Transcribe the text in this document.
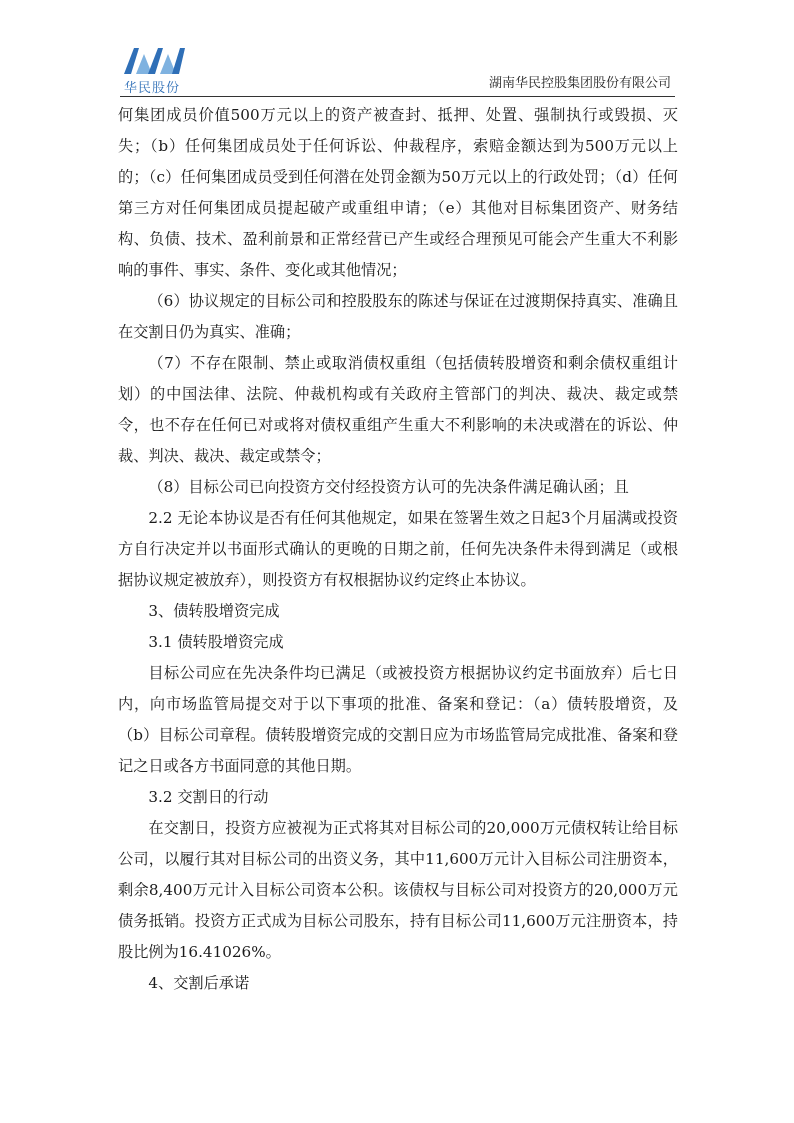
华民股份	湖南华民控股集团股份有限公司

何集团成员价值500万元以上的资产被查封、抵押、处置、强制执行或毁损、灭失；（b）任何集团成员处于任何诉讼、仲裁程序，索赔金额达到为500万元以上的；（c）任何集团成员受到任何潜在处罚金额为50万元以上的行政处罚；（d）任何第三方对任何集团成员提起破产或重组申请；（e）其他对目标集团资产、财务结构、负债、技术、盈利前景和正常经营已产生或经合理预见可能会产生重大不利影响的事件、事实、条件、变化或其他情况；

（6）协议规定的目标公司和控股股东的陈述与保证在过渡期保持真实、准确且在交割日仍为真实、准确；

（7）不存在限制、禁止或取消债权重组（包括债转股增资和剩余债权重组计划）的中国法律、法院、仲裁机构或有关政府主管部门的判决、裁决、裁定或禁令，也不存在任何已对或将对债权重组产生重大不利影响的未决或潜在的诉讼、仲裁、判决、裁决、裁定或禁令；

（8）目标公司已向投资方交付经投资方认可的先决条件满足确认函；且

2.2 无论本协议是否有任何其他规定，如果在签署生效之日起3个月届满或投资方自行决定并以书面形式确认的更晚的日期之前，任何先决条件未得到满足（或根据协议规定被放弃），则投资方有权根据协议约定终止本协议。

3、债转股增资完成

3.1 债转股增资完成

目标公司应在先决条件均已满足（或被投资方根据协议约定书面放弃）后七日内，向市场监管局提交对于以下事项的批准、备案和登记：（a）债转股增资，及（b）目标公司章程。债转股增资完成的交割日应为市场监管局完成批准、备案和登记之日或各方书面同意的其他日期。

3.2 交割日的行动

在交割日，投资方应被视为正式将其对目标公司的20,000万元债权转让给目标公司，以履行其对目标公司的出资义务，其中11,600万元计入目标公司注册资本，剩余8,400万元计入目标公司资本公积。该债权与目标公司对投资方的20,000万元债务抵销。投资方正式成为目标公司股东，持有目标公司11,600万元注册资本，持股比例为16.41026%。

4、交割后承诺
